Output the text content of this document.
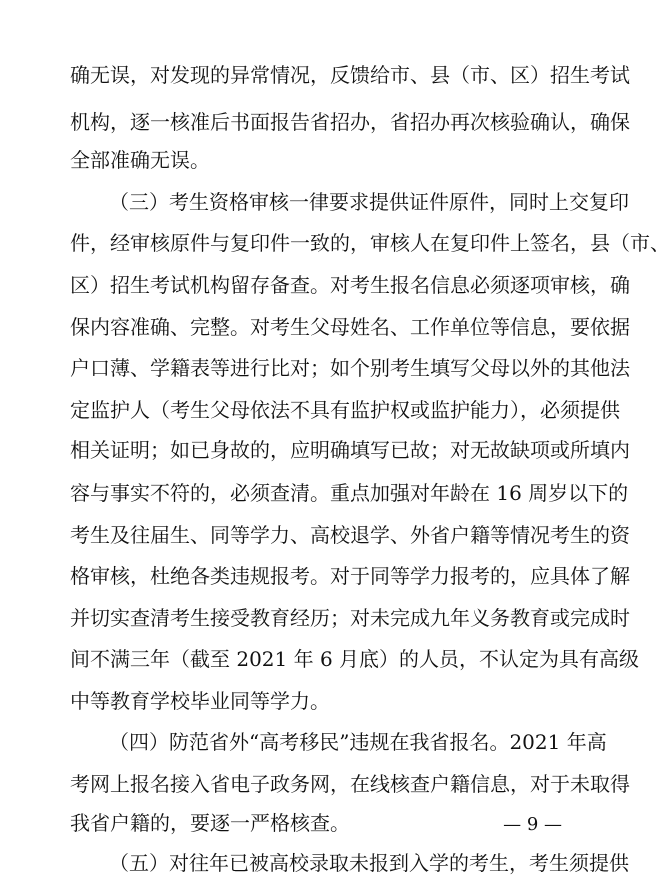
确无误，对发现的异常情况，反馈给市、县（市、区）招生考试
机构，逐一核准后书面报告省招办，省招办再次核验确认，确保
全部准确无误。
（三）考生资格审核一律要求提供证件原件，同时上交复印
件，经审核原件与复印件一致的，审核人在复印件上签名，县（市、
区）招生考试机构留存备查。对考生报名信息必须逐项审核，确
保内容准确、完整。对考生父母姓名、工作单位等信息，要依据
户口薄、学籍表等进行比对；如个别考生填写父母以外的其他法
定监护人（考生父母依法不具有监护权或监护能力），必须提供
相关证明；如已身故的，应明确填写已故；对无故缺项或所填内
容与事实不符的，必须查清。重点加强对年龄在 16 周岁以下的
考生及往届生、同等学力、高校退学、外省户籍等情况考生的资
格审核，杜绝各类违规报考。对于同等学力报考的，应具体了解
并切实查清考生接受教育经历；对未完成九年义务教育或完成时
间不满三年（截至 2021 年 6 月底）的人员，不认定为具有高级
中等教育学校毕业同等学力。
（四）防范省外“高考移民”违规在我省报名。2021 年高
考网上报名接入省电子政务网，在线核查户籍信息，对于未取得
我省户籍的，要逐一严格核查。
（五）对往年已被高校录取未报到入学的考生，考生须提供
— 9 —
